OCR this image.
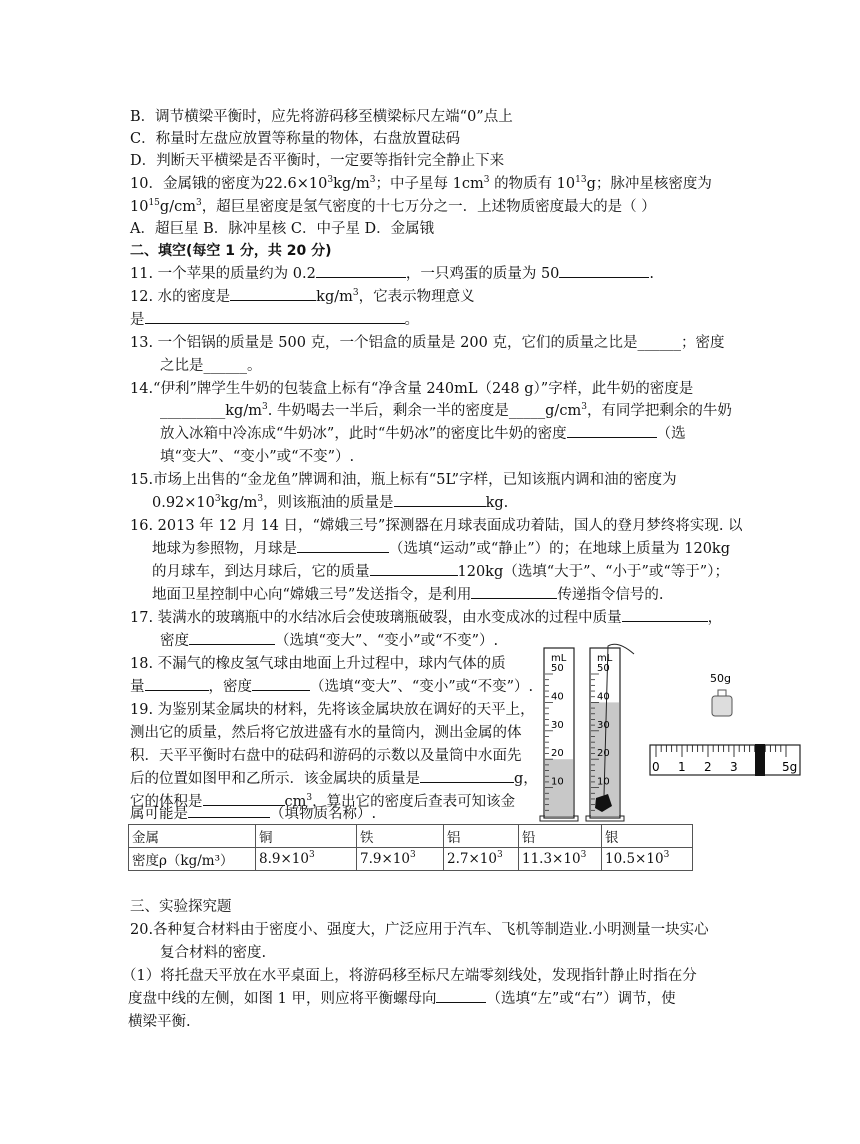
B．调节横梁平衡时，应先将游码移至横梁标尺左端“0”点上
C．称量时左盘应放置等称量的物体，右盘放置砝码
D．判断天平横梁是否平衡时，一定要等指针完全静止下来
10．金属锇的密度为$22.6\times 10^3kg/m^3$；中子星每 $1cm^3$ 的物质有 $10^{13}g$；脉冲星核密度为
$10^{15}g/cm^3$，超巨星密度是氢气密度的十七万分之一．上述物质密度最大的是（ ）
A．超巨星 B．脉冲星核 C．中子星 D．金属锇
二、填空(每空 1 分，共 20 分)
11. 一个苹果的质量约为 0.2	，一只鸡蛋的质量为 50	.
12. 水的密度是	$kg/m^3$，它表示物理意义
是	。
13. 一个铝锅的质量是 500 克，一个铝盒的质量是 200 克，它们的质量之比是______；密度
之比是______。
14.“伊利”牌学生牛奶的包装盒上标有“净含量 240mL（248 g）”字样，此牛奶的密度是
$\_\_\_\_\_\_\_\_\_kg/m^3$. 牛奶喝去一半后，剩余一半的密度是$\_\_\_\_\_g/cm^3$，有同学把剩余的牛奶
放入冰箱中冷冻成“牛奶冰”，此时“牛奶冰”的密度比牛奶的密度	（选
填“变大”、“变小”或“不变”）.
15.市场上出售的“金龙鱼”牌调和油，瓶上标有“5L”字样，已知该瓶内调和油的密度为
$0.92\times 10^3kg/m^3$，则该瓶油的质量是	kg.
16. 2013 年 12 月 14 日，“嫦娥三号”探测器在月球表面成功着陆，国人的登月梦终将实现. 以
地球为参照物，月球是	（选填“运动”或“静止”）的；在地球上质量为 120kg
的月球车，到达月球后，它的质量	120kg（选填“大于”、“小于”或“等于”）；
地面卫星控制中心向“嫦娥三号”发送指令，是利用	传递指令信号的.
17. 装满水的玻璃瓶中的水结冰后会使玻璃瓶破裂，由水变成冰的过程中质量	，
密度	（选填“变大”、“变小”或“不变”）.
18. 不漏气的橡皮氢气球由地面上升过程中，球内气体的质
量	，密度	（选填“变大”、“变小”或“不变”）.
19. 为鉴别某金属块的材料，先将该金属块放在调好的天平上，
测出它的质量，然后将它放进盛有水的量筒内，测出金属的体
积．天平平衡时右盘中的砝码和游码的示数以及量筒中水面先
后的位置如图甲和乙所示．该金属块的质量是	g，
它的体积是	$cm^3$，算出它的密度后查表可知该金
属可能是	（填物质名称）.
金属	铜	铁	铝	铅	银
密度ρ（kg/m³）	$8.9\times 10^3$	$7.9\times 10^3$	$2.7\times 10^3$	$11.3\times 10^3$	$10.5\times 10^3$
mL
50
40
30
20
10
mL
50
40
30
20
10
50g
0 1 2 3	5g
三、实验探究题
20.各种复合材料由于密度小、强度大，广泛应用于汽车、飞机等制造业.小明测量一块实心
复合材料的密度.
（1）将托盘天平放在水平桌面上，将游码移至标尺左端零刻线处，发现指针静止时指在分
度盘中线的左侧，如图 1 甲，则应将平衡螺母向	（选填“左”或“右”）调节，使
横梁平衡.
